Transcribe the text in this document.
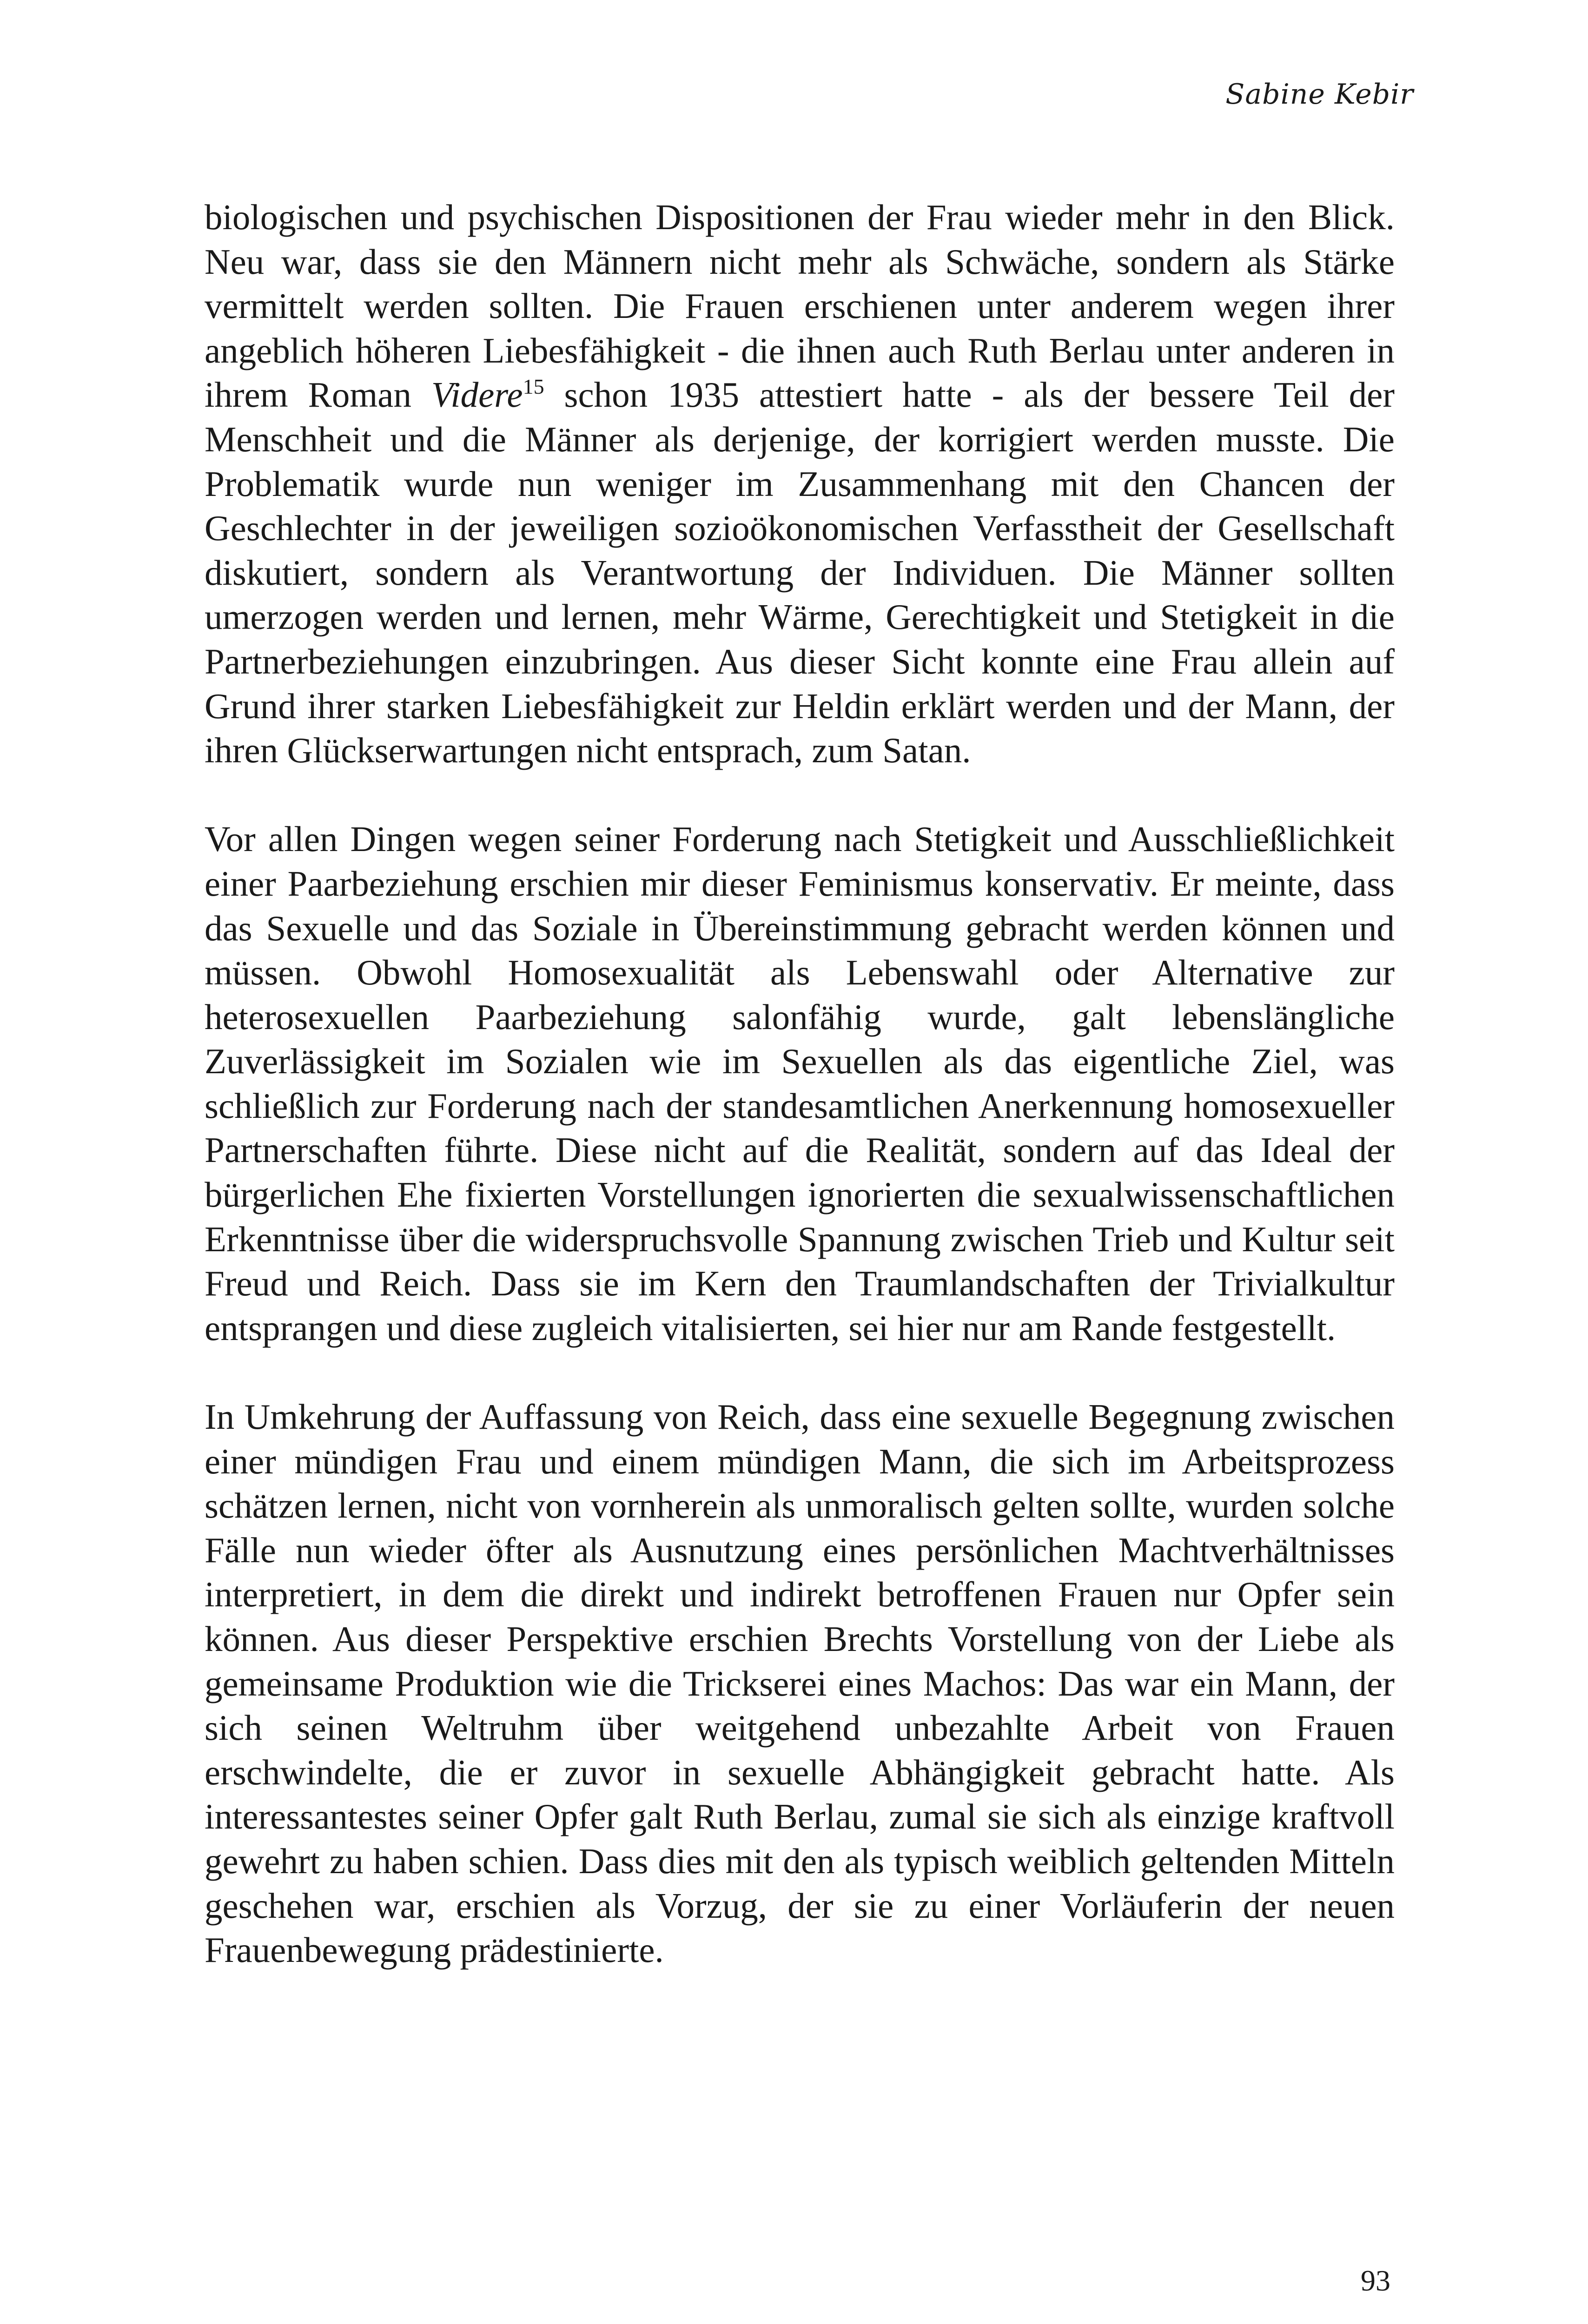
Sabine Kebir

biologischen und psychischen Dispositionen der Frau wieder mehr in den Blick. Neu war, dass sie den Männern nicht mehr als Schwäche, sondern als Stärke vermittelt werden sollten. Die Frauen erschienen unter anderem wegen ihrer angeblich höheren Liebesfähigkeit - die ihnen auch Ruth Berlau unter anderen in ihrem Roman Videre$^{15}$ schon 1935 attestiert hatte - als der bessere Teil der Menschheit und die Männer als derjenige, der korrigiert werden musste. Die Problematik wurde nun weniger im Zusammenhang mit den Chancen der Geschlechter in der jeweiligen sozioökonomischen Verfasstheit der Gesellschaft diskutiert, sondern als Verantwortung der Individuen. Die Männer sollten umerzogen werden und lernen, mehr Wärme, Gerechtigkeit und Stetigkeit in die Partnerbeziehungen einzubringen. Aus dieser Sicht konnte eine Frau allein auf Grund ihrer starken Liebesfähigkeit zur Heldin erklärt werden und der Mann, der ihren Glückserwartungen nicht entsprach, zum Satan.

Vor allen Dingen wegen seiner Forderung nach Stetigkeit und Ausschließlichkeit einer Paarbeziehung erschien mir dieser Feminismus konservativ. Er meinte, dass das Sexuelle und das Soziale in Übereinstimmung gebracht werden können und müssen. Obwohl Homosexualität als Lebenswahl oder Alternative zur heterosexuellen Paarbeziehung salonfähig wurde, galt lebenslängliche Zuverlässigkeit im Sozialen wie im Sexuellen als das eigentliche Ziel, was schließlich zur Forderung nach der standesamtlichen Anerkennung homosexueller Partnerschaften führte. Diese nicht auf die Realität, sondern auf das Ideal der bürgerlichen Ehe fixierten Vorstellungen ignorierten die sexualwissenschaftlichen Erkenntnisse über die widerspruchsvolle Spannung zwischen Trieb und Kultur seit Freud und Reich. Dass sie im Kern den Traumlandschaften der Trivialkultur entsprangen und diese zugleich vitalisierten, sei hier nur am Rande festgestellt.

In Umkehrung der Auffassung von Reich, dass eine sexuelle Begegnung zwischen einer mündigen Frau und einem mündigen Mann, die sich im Arbeitsprozess schätzen lernen, nicht von vornherein als unmoralisch gelten sollte, wurden solche Fälle nun wieder öfter als Ausnutzung eines persönlichen Machtverhältnisses interpretiert, in dem die direkt und indirekt betroffenen Frauen nur Opfer sein können. Aus dieser Perspektive erschien Brechts Vorstellung von der Liebe als gemeinsame Produktion wie die Trickserei eines Machos: Das war ein Mann, der sich seinen Weltruhm über weitgehend unbezahlte Arbeit von Frauen erschwindelte, die er zuvor in sexuelle Abhängigkeit gebracht hatte. Als interessantestes seiner Opfer galt Ruth Berlau, zumal sie sich als einzige kraftvoll gewehrt zu haben schien. Dass dies mit den als typisch weiblich geltenden Mitteln geschehen war, erschien als Vorzug, der sie zu einer Vorläuferin der neuen Frauenbewegung prädestinierte.

93
